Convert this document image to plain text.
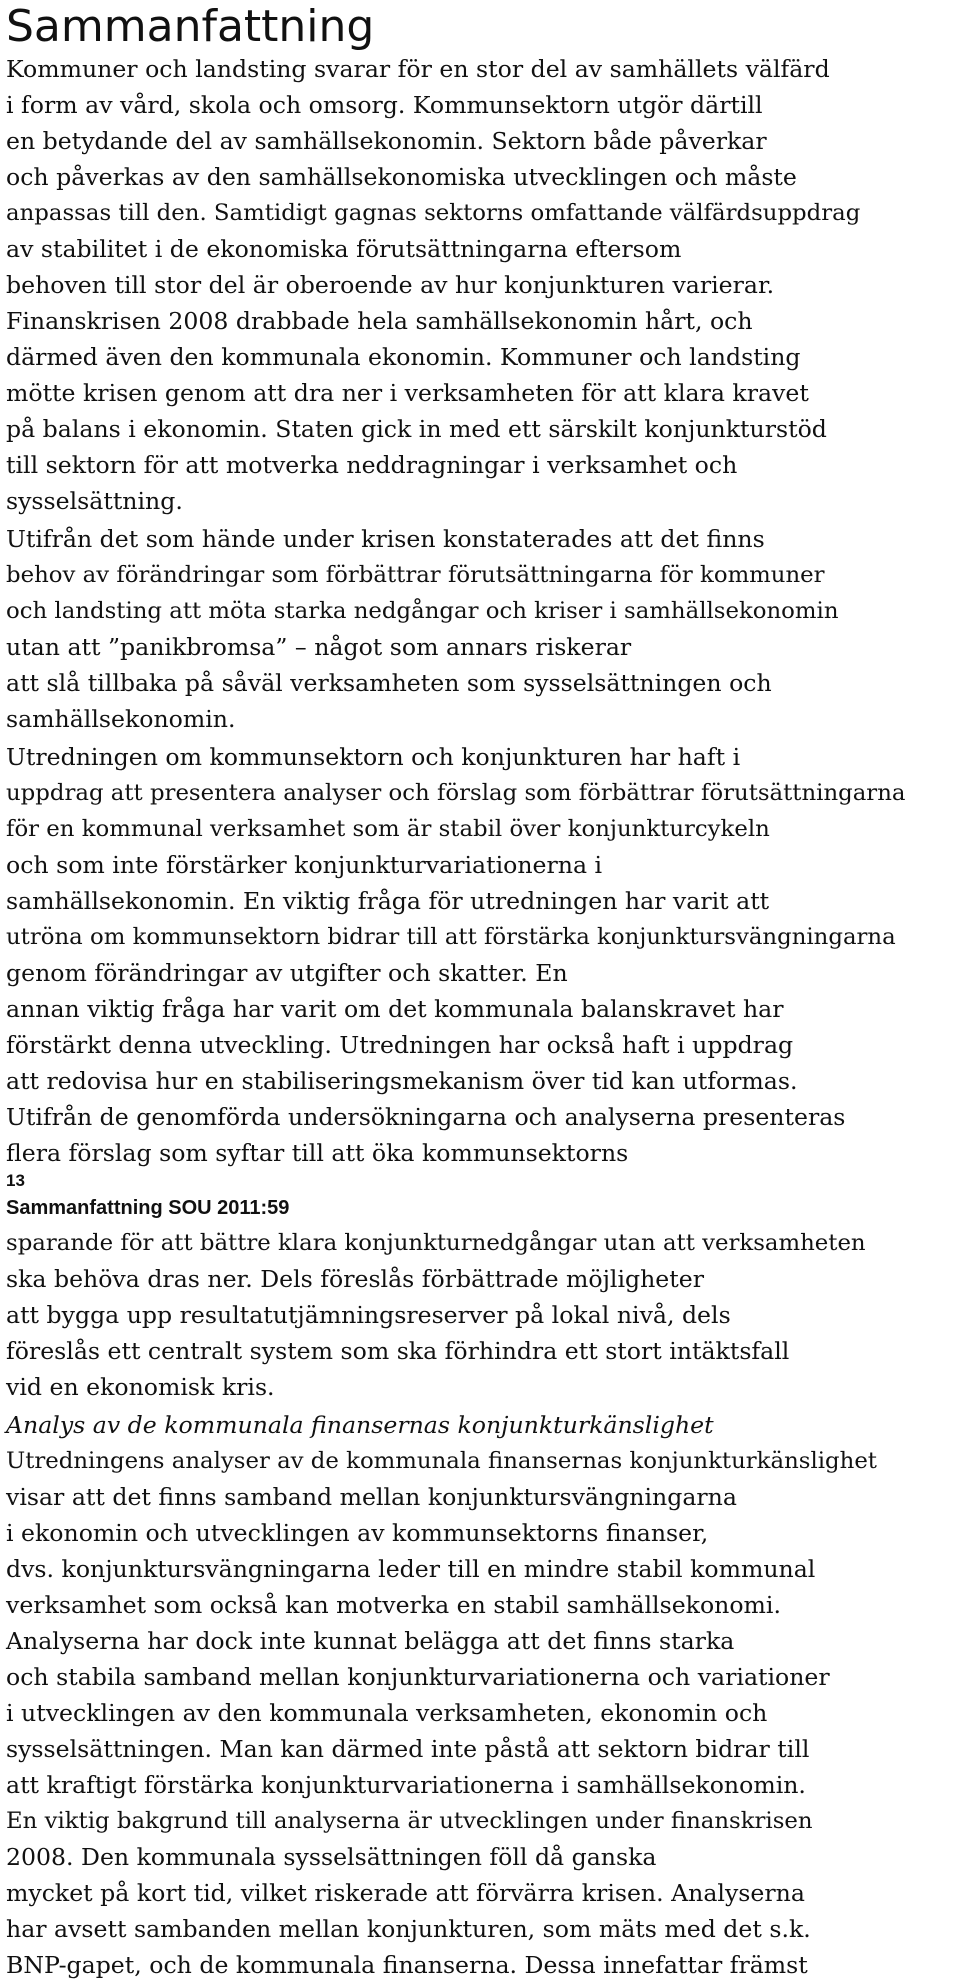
Sammanfattning
Kommuner och landsting svarar för en stor del av samhällets välfärd
i form av vård, skola och omsorg. Kommunsektorn utgör därtill
en betydande del av samhällsekonomin. Sektorn både påverkar
och påverkas av den samhällsekonomiska utvecklingen och måste
anpassas till den. Samtidigt gagnas sektorns omfattande välfärdsuppdrag
av stabilitet i de ekonomiska förutsättningarna eftersom
behoven till stor del är oberoende av hur konjunkturen varierar.
Finanskrisen 2008 drabbade hela samhällsekonomin hårt, och
därmed även den kommunala ekonomin. Kommuner och landsting
mötte krisen genom att dra ner i verksamheten för att klara kravet
på balans i ekonomin. Staten gick in med ett särskilt konjunkturstöd
till sektorn för att motverka neddragningar i verksamhet och
sysselsättning.
Utifrån det som hände under krisen konstaterades att det finns
behov av förändringar som förbättrar förutsättningarna för kommuner
och landsting att möta starka nedgångar och kriser i samhällsekonomin
utan att ”panikbromsa” – något som annars riskerar
att slå tillbaka på såväl verksamheten som sysselsättningen och
samhällsekonomin.
Utredningen om kommunsektorn och konjunkturen har haft i
uppdrag att presentera analyser och förslag som förbättrar förutsättningarna
för en kommunal verksamhet som är stabil över konjunkturcykeln
och som inte förstärker konjunkturvariationerna i
samhällsekonomin. En viktig fråga för utredningen har varit att
utröna om kommunsektorn bidrar till att förstärka konjunktursvängningarna
genom förändringar av utgifter och skatter. En
annan viktig fråga har varit om det kommunala balanskravet har
förstärkt denna utveckling. Utredningen har också haft i uppdrag
att redovisa hur en stabiliseringsmekanism över tid kan utformas.
Utifrån de genomförda undersökningarna och analyserna presenteras
flera förslag som syftar till att öka kommunsektorns
13
Sammanfattning SOU 2011:59
sparande för att bättre klara konjunkturnedgångar utan att verksamheten
ska behöva dras ner. Dels föreslås förbättrade möjligheter
att bygga upp resultatutjämningsreserver på lokal nivå, dels
föreslås ett centralt system som ska förhindra ett stort intäktsfall
vid en ekonomisk kris.
Analys av de kommunala finansernas konjunkturkänslighet
Utredningens analyser av de kommunala finansernas konjunkturkänslighet
visar att det finns samband mellan konjunktursvängningarna
i ekonomin och utvecklingen av kommunsektorns finanser,
dvs. konjunktursvängningarna leder till en mindre stabil kommunal
verksamhet som också kan motverka en stabil samhällsekonomi.
Analyserna har dock inte kunnat belägga att det finns starka
och stabila samband mellan konjunkturvariationerna och variationer
i utvecklingen av den kommunala verksamheten, ekonomin och
sysselsättningen. Man kan därmed inte påstå att sektorn bidrar till
att kraftigt förstärka konjunkturvariationerna i samhällsekonomin.
En viktig bakgrund till analyserna är utvecklingen under finanskrisen
2008. Den kommunala sysselsättningen föll då ganska
mycket på kort tid, vilket riskerade att förvärra krisen. Analyserna
har avsett sambanden mellan konjunkturen, som mäts med det s.k.
BNP-gapet, och de kommunala finanserna. Dessa innefattar främst
